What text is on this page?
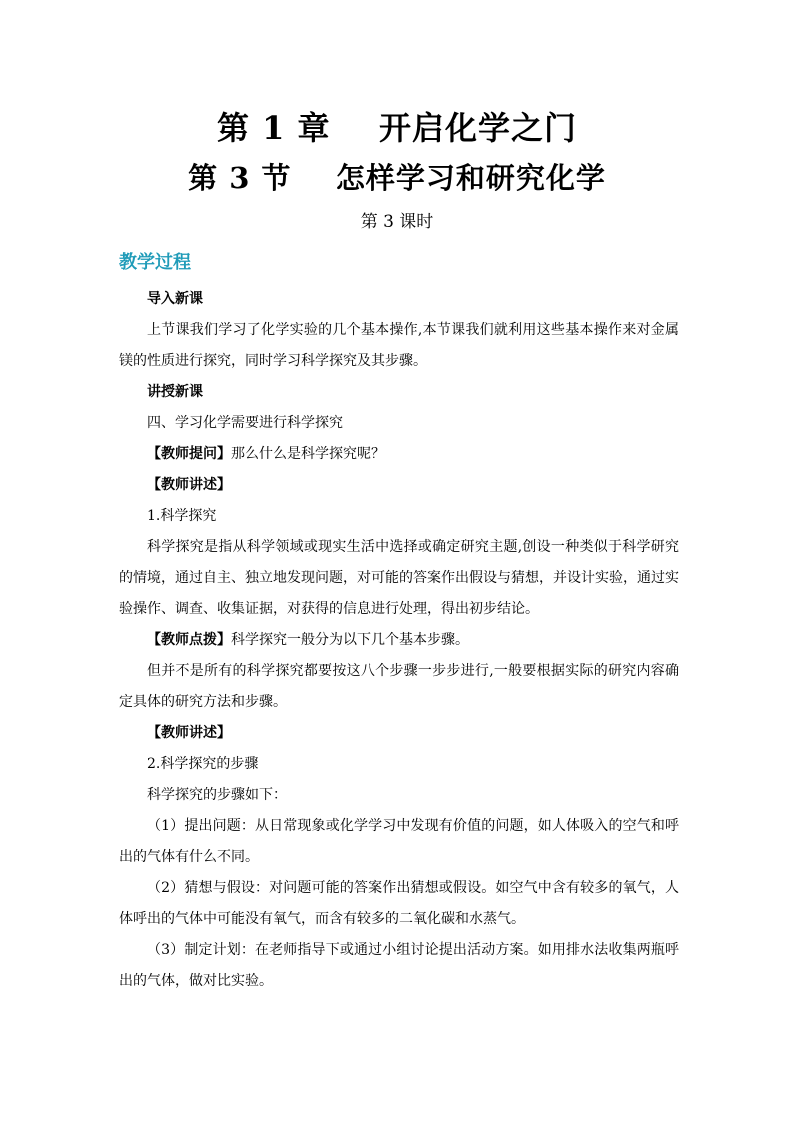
第 1 章    开启化学之门
第 3 节    怎样学习和研究化学
第 3 课时
教学过程

导入新课

上节课我们学习了化学实验的几个基本操作,本节课我们就利用这些基本操作来对金属镁的性质进行探究，同时学习科学探究及其步骤。

讲授新课

四、学习化学需要进行科学探究

【教师提问】那么什么是科学探究呢？

【教师讲述】

1.科学探究

科学探究是指从科学领域或现实生活中选择或确定研究主题,创设一种类似于科学研究的情境，通过自主、独立地发现问题，对可能的答案作出假设与猜想，并设计实验，通过实验操作、调查、收集证据，对获得的信息进行处理，得出初步结论。

【教师点拨】科学探究一般分为以下几个基本步骤。

但并不是所有的科学探究都要按这八个步骤一步步进行,一般要根据实际的研究内容确定具体的研究方法和步骤。

【教师讲述】

2.科学探究的步骤

科学探究的步骤如下：

（1）提出问题：从日常现象或化学学习中发现有价值的问题，如人体吸入的空气和呼出的气体有什么不同。

（2）猜想与假设：对问题可能的答案作出猜想或假设。如空气中含有较多的氧气，人体呼出的气体中可能没有氧气，而含有较多的二氧化碳和水蒸气。

（3）制定计划：在老师指导下或通过小组讨论提出活动方案。如用排水法收集两瓶呼出的气体，做对比实验。
